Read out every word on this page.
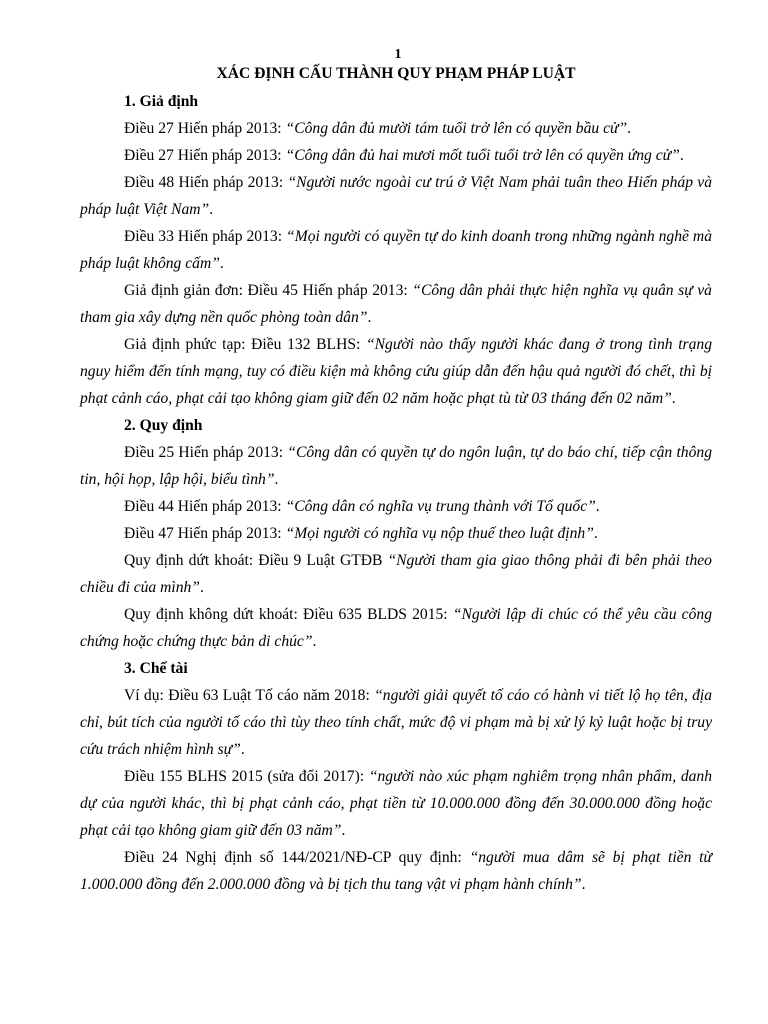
1
XÁC ĐỊNH CẤU THÀNH QUY PHẠM PHÁP LUẬT
1. Giả định

Điều 27 Hiến pháp 2013: “Công dân đủ mười tám tuổi trở lên có quyền bầu cử”.

Điều 27 Hiến pháp 2013: “Công dân đủ hai mươi mốt tuổi tuổi trở lên có quyền ứng cử”.

Điều 48 Hiến pháp 2013: “Người nước ngoài cư trú ở Việt Nam phải tuân theo Hiến pháp và pháp luật Việt Nam”.

Điều 33 Hiến pháp 2013: “Mọi người có quyền tự do kinh doanh trong những ngành nghề mà pháp luật không cấm”.

Giả định giản đơn: Điều 45 Hiến pháp 2013: “Công dân phải thực hiện nghĩa vụ quân sự và tham gia xây dựng nền quốc phòng toàn dân”.

Giả định phức tạp: Điều 132 BLHS: “Người nào thấy người khác đang ở trong tình trạng nguy hiểm đến tính mạng, tuy có điều kiện mà không cứu giúp dẫn đến hậu quả người đó chết, thì bị phạt cảnh cáo, phạt cải tạo không giam giữ đến 02 năm hoặc phạt tù từ 03 tháng đến 02 năm”.

2. Quy định

Điều 25 Hiến pháp 2013: “Công dân có quyền tự do ngôn luận, tự do báo chí, tiếp cận thông tin, hội họp, lập hội, biểu tình”.

Điều 44 Hiến pháp 2013: “Công dân có nghĩa vụ trung thành với Tổ quốc”.

Điều 47 Hiến pháp 2013: “Mọi người có nghĩa vụ nộp thuế theo luật định”.

Quy định dứt khoát: Điều 9 Luật GTĐB “Người tham gia giao thông phải đi bên phải theo chiều đi của mình”.

Quy định không dứt khoát: Điều 635 BLDS 2015: “Người lập di chúc có thể yêu cầu công chứng hoặc chứng thực bản di chúc”.

3. Chế tài

Ví dụ: Điều 63 Luật Tố cáo năm 2018: “người giải quyết tố cáo có hành vi tiết lộ họ tên, địa chỉ, bút tích của người tố cáo thì tùy theo tính chất, mức độ vi phạm mà bị xử lý kỷ luật hoặc bị truy cứu trách nhiệm hình sự”.

Điều 155 BLHS 2015 (sửa đổi 2017): “người nào xúc phạm nghiêm trọng nhân phẩm, danh dự của người khác, thì bị phạt cảnh cáo, phạt tiền từ 10.000.000 đồng đến 30.000.000 đồng hoặc phạt cải tạo không giam giữ đến 03 năm”.

Điều 24 Nghị định số 144/2021/NĐ-CP quy định: “người mua dâm sẽ bị phạt tiền từ 1.000.000 đồng đến 2.000.000 đồng và bị tịch thu tang vật vi phạm hành chính”.
